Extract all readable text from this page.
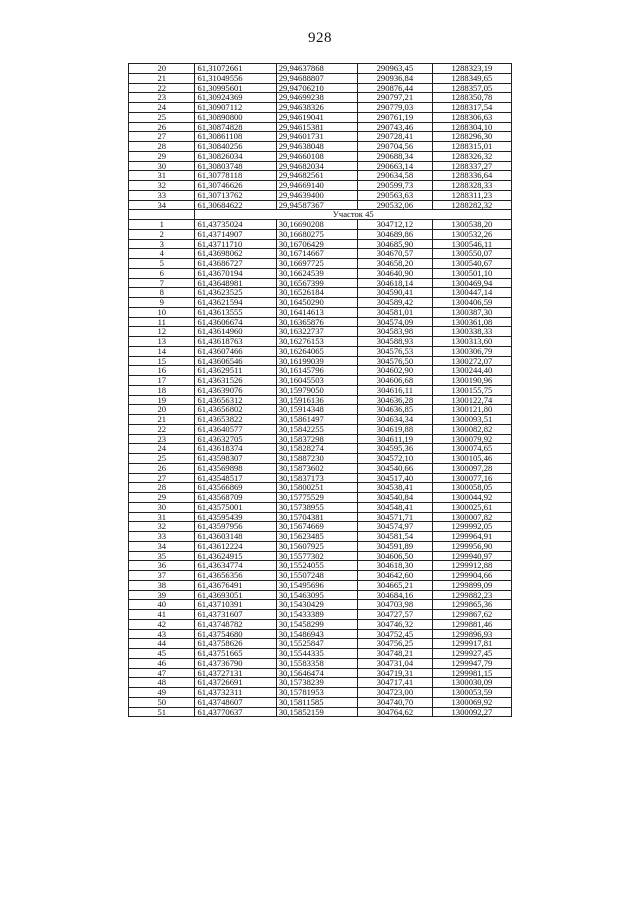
928
20	61,31072661	29,94637868	290963,45	1288323,19
21	61,31049556	29,94688807	290936,84	1288349,65
22	61,30995601	29,94706210	290876,44	1288357,05
23	61,30924369	29,94699238	290797,21	1288350,78
24	61,30907112	29,94638326	290779,03	1288317,54
25	61,30890800	29,94619041	290761,19	1288306,63
26	61,30874828	29,94615381	290743,46	1288304,10
27	61,30861108	29,94601731	290728,41	1288296,30
28	61,30840256	29,94638048	290704,56	1288315,01
29	61,30826034	29,94660108	290688,34	1288326,32
30	61,30803748	29,94682034	290663,14	1288337,27
31	61,30778118	29,94682561	290634,58	1288336,64
32	61,30746626	29,94669140	290599,73	1288328,33
33	61,30713762	29,94639400	290563,63	1288311,23
34	61,30684622	29,94587367	290532,06	1288282,32
	Участок 45			
1	61,43735024	30,16690208	304712,12	1300538,20
2	61,43714907	30,16680275	304689,86	1300532,26
3	61,43711710	30,16706429	304685,90	1300546,11
4	61,43698062	30,16714667	304670,57	1300550,07
5	61,43686727	30,16697725	304658,20	1300540,67
6	61,43670194	30,16624539	304640,90	1300501,10
7	61,43648981	30,16567399	304618,14	1300469,94
8	61,43623525	30,16526184	304590,41	1300447,14
9	61,43621594	30,16450290	304589,42	1300406,59
10	61,43613555	30,16414613	304581,01	1300387,30
11	61,43606674	30,16365876	304574,09	1300361,08
12	61,43614960	30,16322737	304583,98	1300338,33
13	61,43618763	30,16276153	304588,93	1300313,60
14	61,43607466	30,16264065	304576,53	1300306,79
15	61,43606546	30,16199039	304576,50	1300272,07
16	61,43629511	30,16145796	304602,90	1300244,40
17	61,43631526	30,16045503	304606,68	1300190,96
18	61,43639076	30,15979050	304616,11	1300155,75
19	61,43656312	30,15916136	304636,28	1300122,74
20	61,43656802	30,15914348	304636,85	1300121,80
21	61,43653822	30,15861497	304634,34	1300093,51
22	61,43640577	30,15842255	304619,88	1300082,82
23	61,43632705	30,15837298	304611,19	1300079,92
24	61,43618374	30,15828274	304595,36	1300074,65
25	61,43598307	30,15887230	304572,10	1300105,46
26	61,43569898	30,15873602	304540,66	1300097,28
27	61,43548517	30,15837173	304517,40	1300077,16
28	61,43566869	30,15800251	304538,41	1300058,05
29	61,43568709	30,15775529	304540,84	1300044,92
30	61,43575001	30,15738955	304548,41	1300025,61
31	61,43595439	30,15704381	304571,71	1300007,82
32	61,43597956	30,15674669	304574,97	1299992,05
33	61,43603148	30,15623485	304581,54	1299964,91
34	61,43612224	30,15607925	304591,89	1299956,90
35	61,43624915	30,15577302	304606,50	1299940,97
36	61,43634774	30,15524055	304618,30	1299912,88
37	61,43656356	30,15507248	304642,60	1299904,66
38	61,43676491	30,15495696	304665,21	1299899,09
39	61,43693051	30,15463095	304684,16	1299882,23
40	61,43710391	30,15430429	304703,98	1299865,36
41	61,43731607	30,15433389	304727,57	1299867,62
42	61,43748782	30,15458299	304746,32	1299881,46
43	61,43754680	30,15486943	304752,45	1299896,93
44	61,43758626	30,15525847	304756,25	1299917,81
45	61,43751665	30,15544335	304748,21	1299927,45
46	61,43736790	30,15583358	304731,04	1299947,79
47	61,43727131	30,15646474	304719,31	1299981,15
48	61,43726691	30,15738239	304717,41	1300030,09
49	61,43732311	30,15781953	304723,00	1300053,59
50	61,43748607	30,15811585	304740,70	1300069,92
51	61,43770637	30,15852159	304764,62	1300092,27
